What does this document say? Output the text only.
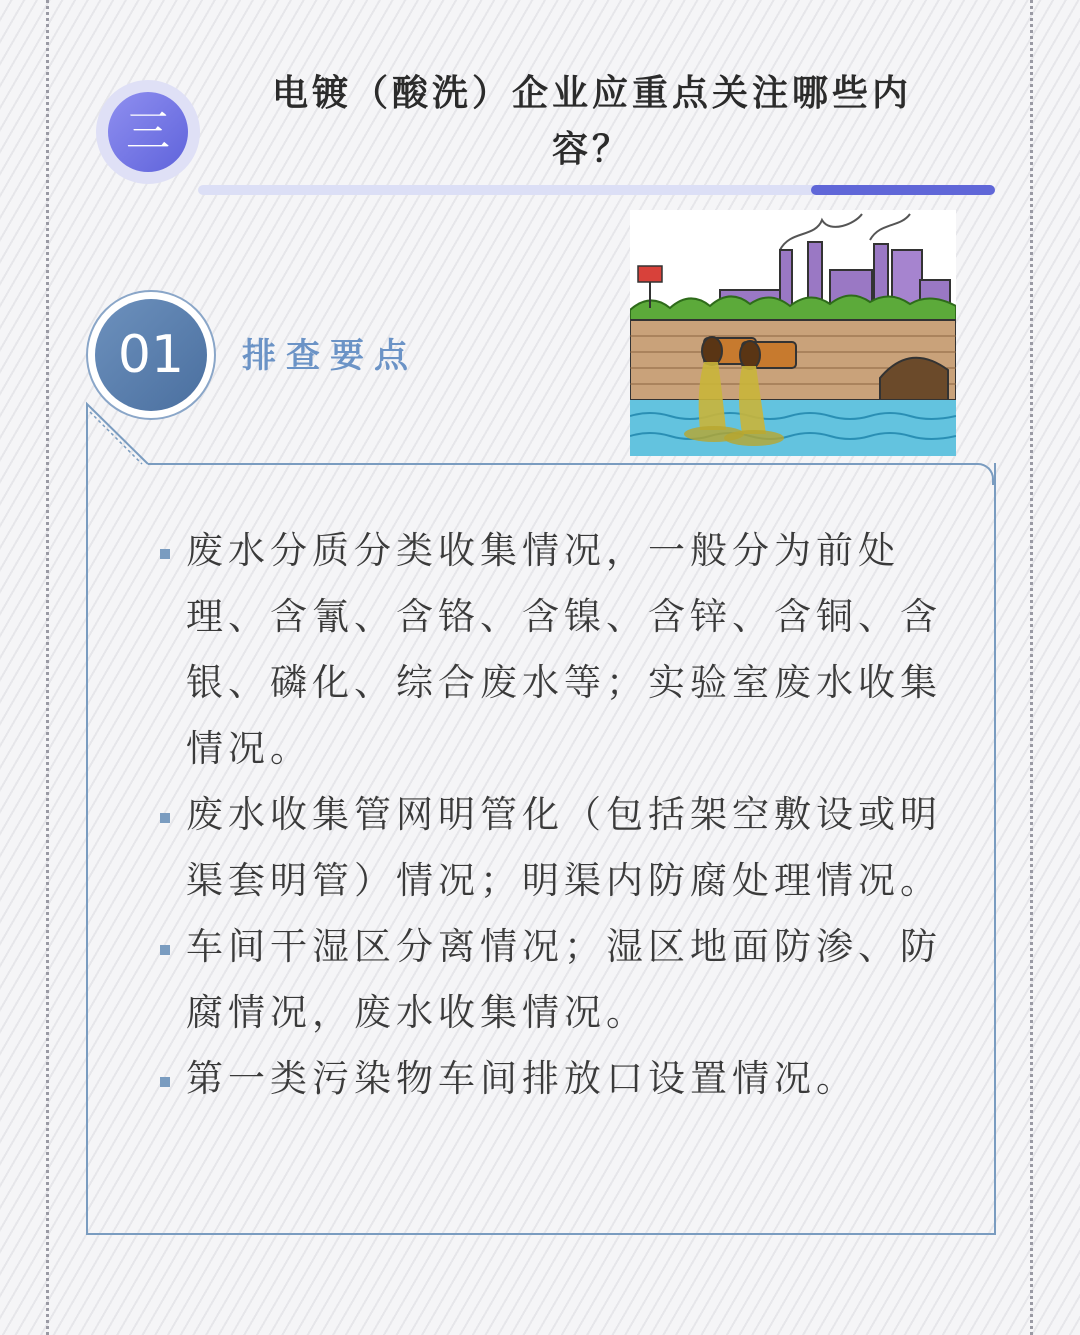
三
电镀（酸洗）企业应重点关注哪些内容？
01	排查要点
废水分质分类收集情况，一般分为前处理、含氰、含铬、含镍、含锌、含铜、含银、磷化、综合废水等；实验室废水收集情况。
废水收集管网明管化（包括架空敷设或明渠套明管）情况；明渠内防腐处理情况。
车间干湿区分离情况；湿区地面防渗、防腐情况，废水收集情况。
第一类污染物车间排放口设置情况。
